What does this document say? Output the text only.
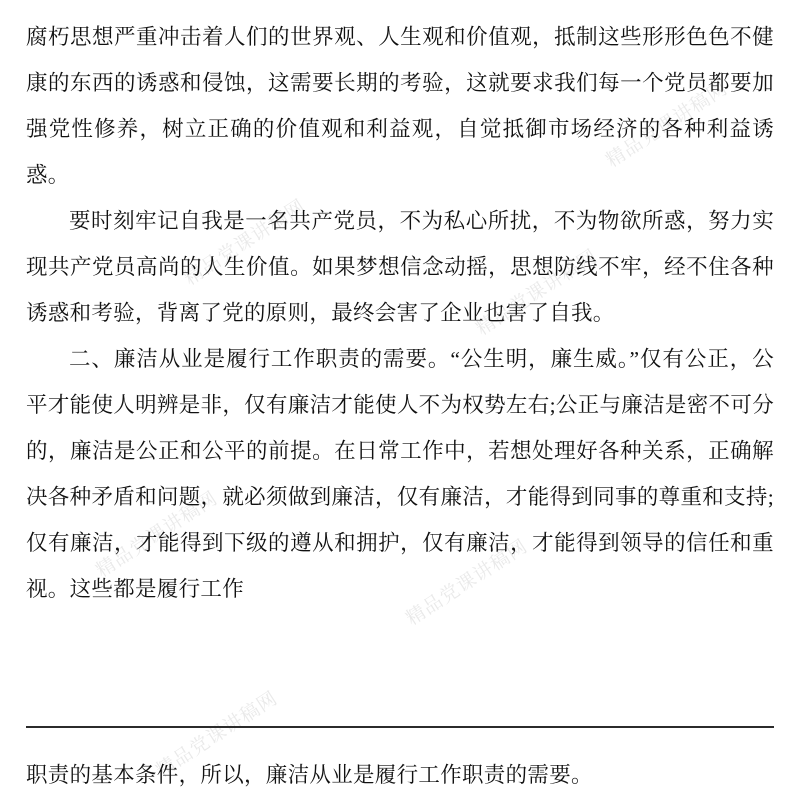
精品党课讲稿网
精品党课讲稿网
精品党课讲稿网
精品党课讲稿网
精品党课讲稿网
精品党课讲稿网

腐朽思想严重冲击着人们的世界观、人生观和价值观，抵制这些形形色色不健康的东西的诱惑和侵蚀，这需要长期的考验，这就要求我们每一个党员都要加强党性修养，树立正确的价值观和利益观，自觉抵御市场经济的各种利益诱惑。

要时刻牢记自我是一名共产党员，不为私心所扰，不为物欲所惑，努力实现共产党员高尚的人生价值。如果梦想信念动摇，思想防线不牢，经不住各种诱惑和考验，背离了党的原则，最终会害了企业也害了自我。

二、廉洁从业是履行工作职责的需要。“公生明，廉生威。”仅有公正，公平才能使人明辨是非，仅有廉洁才能使人不为权势左右;公正与廉洁是密不可分的，廉洁是公正和公平的前提。在日常工作中，若想处理好各种关系，正确解决各种矛盾和问题，就必须做到廉洁，仅有廉洁，才能得到同事的尊重和支持;仅有廉洁，才能得到下级的遵从和拥护，仅有廉洁，才能得到领导的信任和重视。这些都是履行工作

职责的基本条件，所以，廉洁从业是履行工作职责的需要。
